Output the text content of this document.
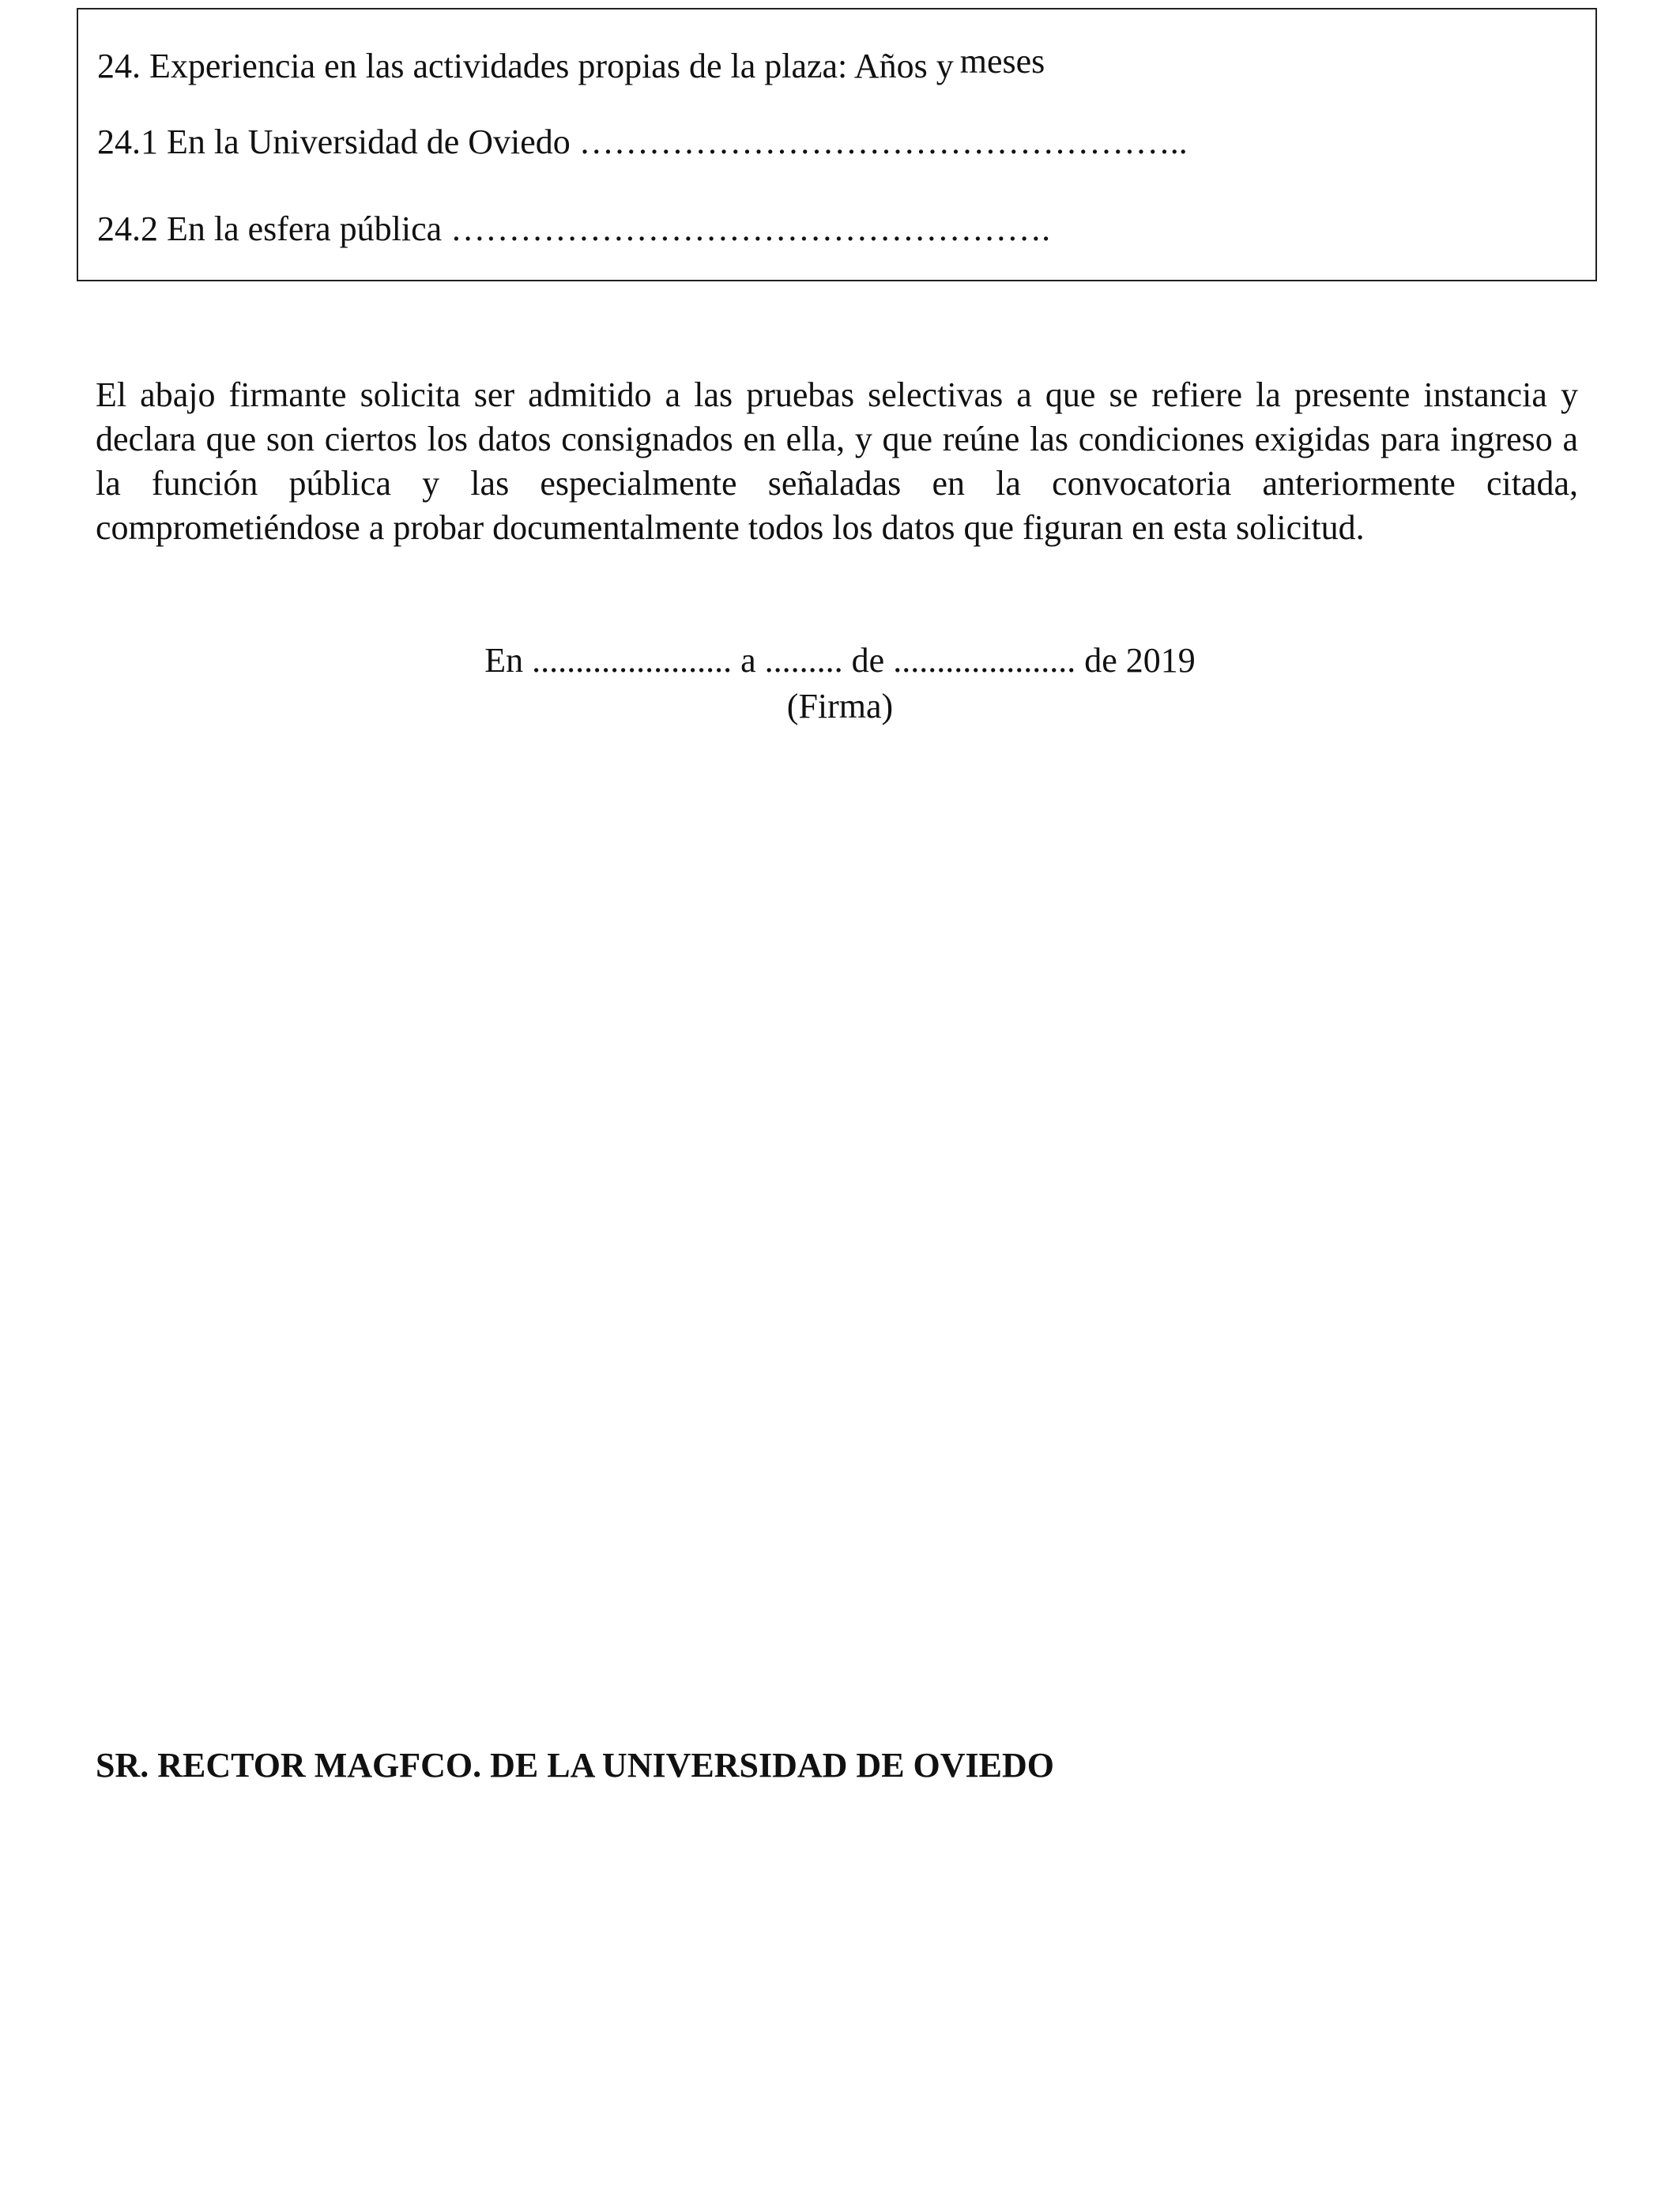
24. Experiencia en las actividades propias de la plaza: Años y meses
24.1 En la Universidad de Oviedo ……………………………………………..
24.2 En la esfera pública …………………………………………….

El abajo firmante solicita ser admitido a las pruebas selectivas a que se refiere la presente instancia y declara que son ciertos los datos consignados en ella, y que reúne las condiciones exigidas para ingreso a la función pública y las especialmente señaladas en la convocatoria anteriormente citada, comprometiéndose a probar documentalmente todos los datos que figuran en esta solicitud.

En ....................... a ......... de ..................... de 2019
(Firma)
SR. RECTOR MAGFCO. DE LA UNIVERSIDAD DE OVIEDO
